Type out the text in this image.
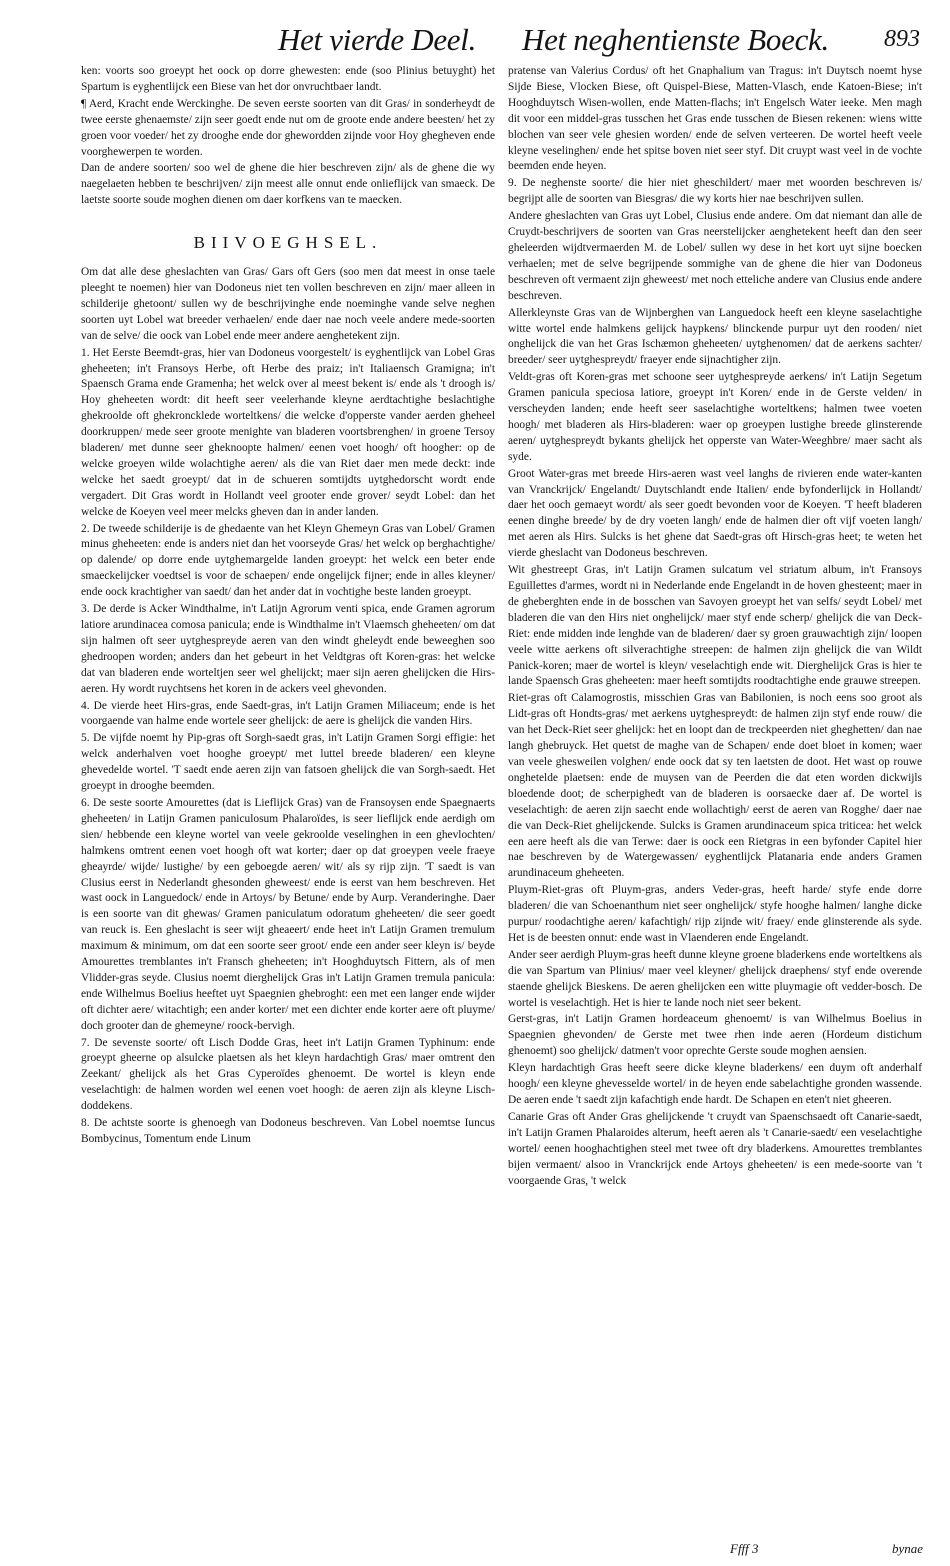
Het vierde Deel. Het neghentienste Boeck. 893

ken: voorts soo groeypt het oock op dorre ghewesten: ende (soo Plinius betuyght) het Spartum is eyghentlijck een Biese van het dor onvruchtbaer landt.

¶ Aerd, Kracht ende Werckinghe. De seven eerste soorten van dit Gras/ in sonderheydt de twee eerste ghenaemste/ zijn seer goedt ende nut om de groote ende andere beesten/ het zy groen voor voeder/ het zy drooghe ende dor ghewordden zijnde voor Hoy ghegheven ende voorghewerpen te worden.

Dan de andere soorten/ soo wel de ghene die hier beschreven zijn/ als de ghene die wy naegelaeten hebben te beschrijven/ zijn meest alle onnut ende onlieflijck van smaeck. De laetste soorte soude moghen dienen om daer korfkens van te maecken.

BIIVOEGHSEL.

Om dat alle dese gheslachten van Gras/ Gars oft Gers (soo men dat meest in onse taele pleeght te noemen) hier van Dodoneus niet ten vollen beschreven en zijn/ maer alleen in schilderije ghetoont/ sullen wy de beschrijvinghe ende noeminghe vande selve neghen soorten uyt Lobel wat breeder verhaelen/ ende daer nae noch veele andere mede-soorten van de selve/ die oock van Lobel ende meer andere aenghetekent zijn.

1. Het Eerste Beemdt-gras, hier van Dodoneus voorgestelt/ is eyghentlijck van Lobel Gras gheheeten; in't Fransoys Herbe, oft Herbe des praiz; in't Italiaensch Gramigna; in't Spaensch Grama ende Gramenha; het welck over al meest bekent is/ ende als 't droogh is/ Hoy gheheeten wordt: dit heeft seer veelerhande kleyne aerdtachtighe beslachtighe ghekroolde oft ghekroncklede worteltkens/ die welcke d'opperste vander aerden gheheel doorkruppen/ mede seer groote menighte van bladeren voortsbrenghen/ in groene Tersoy bladeren/ met dunne seer gheknoopte halmen/ eenen voet hoogh/ oft hoogher: op de welcke groeyen wilde wolachtighe aeren/ als die van Riet daer men mede deckt: inde welcke het saedt groeypt/ dat in de schueren somtijdts uytghedorscht wordt ende vergadert. Dit Gras wordt in Hollandt veel grooter ende grover/ seydt Lobel: dan het welcke de Koeyen veel meer melcks gheven dan in ander landen.

2. De tweede schilderije is de ghedaente van het Kleyn Ghemeyn Gras van Lobel/ Gramen minus gheheeten: ende is anders niet dan het voorseyde Gras/ het welck op berghachtighe/ op dalende/ op dorre ende uytghemargelde landen groeypt: het welck een beter ende smaeckelijcker voedtsel is voor de schaepen/ ende ongelijck fijner; ende in alles kleyner/ ende oock krachtigher van saedt/ dan het ander dat in vochtighe beste landen groeypt.

3. De derde is Acker Windthalme, in't Latijn Agrorum venti spica, ende Gramen agrorum latiore arundinacea comosa panicula; ende is Windthalme in't Vlaemsch gheheeten/ om dat sijn halmen oft seer uytghespreyde aeren van den windt gheleydt ende beweeghen soo ghedroopen worden; anders dan het gebeurt in het Veldtgras oft Koren-gras: het welcke dat van bladeren ende worteltjen seer wel ghelijckt; maer sijn aeren ghelijcken die Hirs-aeren. Hy wordt ruychtsens het koren in de ackers veel ghevonden.

4. De vierde heet Hirs-gras, ende Saedt-gras, in't Latijn Gramen Miliaceum; ende is het voorgaende van halme ende wortele seer ghelijck: de aere is ghelijck die vanden Hirs.

5. De vijfde noemt hy Pip-gras oft Sorgh-saedt gras, in't Latijn Gramen Sorgi effigie: het welck anderhalven voet hooghe groeypt/ met luttel breede bladeren/ een kleyne ghevedelde wortel. 'T saedt ende aeren zijn van fatsoen ghelijck die van Sorgh-saedt. Het groeypt in drooghe beemden.

6. De seste soorte Amourettes (dat is Lieflijck Gras) van de Fransoysen ende Spaegnaerts gheheeten/ in Latijn Gramen paniculosum Phalaroïdes, is seer lieflijck ende aerdigh om sien/ hebbende een kleyne wortel van veele gekroolde veselinghen in een ghevlochten/ halmkens omtrent eenen voet hoogh oft wat korter; daer op dat groeypen veele fraeye gheayrde/ wijde/ lustighe/ by een geboegde aeren/ wit/ als sy rijp zijn. 'T saedt is van Clusius eerst in Nederlandt ghesonden gheweest/ ende is eerst van hem beschreven. Het wast oock in Languedock/ ende in Artoys/ by Betune/ ende by Aurp. Veranderinghe. Daer is een soorte van dit ghewas/ Gramen paniculatum odoratum gheheeten/ die seer goedt van reuck is. Een gheslacht is seer wijt gheaeert/ ende heet in't Latijn Gramen tremulum maximum & minimum, om dat een soorte seer groot/ ende een ander seer kleyn is/ beyde Amourettes tremblantes in't Fransch gheheeten; in't Hooghduytsch Fittern, als of men Vlidder-gras seyde. Clusius noemt dierghelijck Gras in't Latijn Gramen tremula panicula: ende Wilhelmus Boelius heeftet uyt Spaegnien ghebroght: een met een langer ende wijder oft dichter aere/ witachtigh; een ander korter/ met een dichter ende korter aere oft pluyme/ doch grooter dan de ghemeyne/ roock-bervigh.

7. De sevenste soorte/ oft Lisch Dodde Gras, heet in't Latijn Gramen Typhinum: ende groeypt gheerne op alsulcke plaetsen als het kleyn hardachtigh Gras/ maer omtrent den Zeekant/ ghelijck als het Gras Cyperoïdes ghenoemt. De wortel is kleyn ende veselachtigh: de halmen worden wel eenen voet hoogh: de aeren zijn als kleyne Lisch-doddekens.

8. De achtste soorte is ghenoegh van Dodoneus beschreven. Van Lobel noemtse Iuncus Bombycinus, Tomentum ende Linum

pratense van Valerius Cordus/ oft het Gnaphalium van Tragus: in't Duytsch noemt hyse Sijde Biese, Vlocken Biese, oft Quispel-Biese, Matten-Vlasch, ende Katoen-Biese; in't Hooghduytsch Wisen-wollen, ende Matten-flachs; in't Engelsch Water ieeke. Men magh dit voor een middel-gras tusschen het Gras ende tusschen de Biesen rekenen: wiens witte blochen van seer vele ghesien worden/ ende de selven verteeren. De wortel heeft veele kleyne veselinghen/ ende het spitse boven niet seer styf. Dit cruypt wast veel in de vochte beemden ende heyen.

9. De neghenste soorte/ die hier niet gheschildert/ maer met woorden beschreven is/ begrijpt alle de soorten van Biesgras/ die wy korts hier nae beschrijven sullen.

Andere gheslachten van Gras uyt Lobel, Clusius ende andere. Om dat niemant dan alle de Cruydt-beschrijvers de soorten van Gras neerstelijcker aenghetekent heeft dan den seer gheleerden wijdtvermaerden M. de Lobel/ sullen wy dese in het kort uyt sijne boecken verhaelen; met de selve begrijpende sommighe van de ghene die hier van Dodoneus beschreven oft vermaent zijn gheweest/ met noch etteliche andere van Clusius ende andere beschreven.

Allerkleynste Gras van de Wijnberghen van Languedock heeft een kleyne saselachtighe witte wortel ende halmkens gelijck haypkens/ blinckende purpur uyt den rooden/ niet onghelijck die van het Gras Ischæmon gheheeten/ uytghenomen/ dat de aerkens sachter/ breeder/ seer uytghespreydt/ fraeyer ende sijnachtigher zijn.

Veldt-gras oft Koren-gras met schoone seer uytghespreyde aerkens/ in't Latijn Segetum Gramen panicula speciosa latiore, groeypt in't Koren/ ende in de Gerste velden/ in verscheyden landen; ende heeft seer saselachtighe worteltkens; halmen twee voeten hoogh/ met bladeren als Hirs-bladeren: waer op groeypen lustighe breede glinsterende aeren/ uytghespreydt bykants ghelijck het opperste van Water-Weeghbre/ maer sacht als syde.

Groot Water-gras met breede Hirs-aeren wast veel langhs de rivieren ende water-kanten van Vranckrijck/ Engelandt/ Duytschlandt ende Italien/ ende byfonderlijck in Hollandt/ daer het ooch gemaeyt wordt/ als seer goedt bevonden voor de Koeyen. 'T heeft bladeren eenen dinghe breede/ by de dry voeten langh/ ende de halmen dier oft vijf voeten langh/ met aeren als Hirs. Sulcks is het ghene dat Saedt-gras oft Hirsch-gras heet; te weten het vierde gheslacht van Dodoneus beschreven.

Wit ghestreept Gras, in't Latijn Gramen sulcatum vel striatum album, in't Fransoys Eguillettes d'armes, wordt ni in Nederlande ende Engelandt in de hoven ghesteent; maer in de gheberghten ende in de bosschen van Savoyen groeypt het van selfs/ seydt Lobel/ met bladeren die van den Hirs niet onghelijck/ maer styf ende scherp/ ghelijck die van Deck-Riet: ende midden inde lenghde van de bladeren/ daer sy groen grauwachtigh zijn/ loopen veele witte aerkens oft silverachtighe streepen: de halmen zijn ghelijck die van Wildt Panick-koren; maer de wortel is kleyn/ veselachtigh ende wit. Dierghelijck Gras is hier te lande Spaensch Gras gheheeten: maer heeft somtijdts roodtachtighe ende grauwe streepen.

Riet-gras oft Calamogrostis, misschien Gras van Babilonien, is noch eens soo groot als Lidt-gras oft Hondts-gras/ met aerkens uytghespreydt: de halmen zijn styf ende rouw/ die van het Deck-Riet seer ghelijck: het en loopt dan de treckpeerden niet gheghetten/ dan nae langh ghebruyck. Het quetst de maghe van de Schapen/ ende doet bloet in komen; waer van veele ghesweilen volghen/ ende oock dat sy ten laetsten de doot. Het wast op rouwe onghetelde plaetsen: ende de muysen van de Peerden die dat eten worden dickwijls bloedende doot; de scherpighedt van de bladeren is oorsaecke daer af. De wortel is veselachtigh: de aeren zijn saecht ende wollachtigh/ eerst de aeren van Rogghe/ daer nae die van Deck-Riet ghelijckende. Sulcks is Gramen arundinaceum spica triticea: het welck een aere heeft als die van Terwe: daer is oock een Rietgras in een byfonder Capitel hier nae beschreven by de Watergewassen/ eyghentlijck Platanaria ende anders Gramen arundinaceum gheheeten.

Pluym-Riet-gras oft Pluym-gras, anders Veder-gras, heeft harde/ styfe ende dorre bladeren/ die van Schoenanthum niet seer onghelijck/ styfe hooghe halmen/ langhe dicke purpur/ roodachtighe aeren/ kafachtigh/ rijp zijnde wit/ fraey/ ende glinsterende als syde. Het is de beesten onnut: ende wast in Vlaenderen ende Engelandt.

Ander seer aerdigh Pluym-gras heeft dunne kleyne groene bladerkens ende worteltkens als die van Spartum van Plinius/ maer veel kleyner/ ghelijck draephens/ styf ende overende staende ghelijck Bieskens. De aeren ghelijcken een witte pluymagie oft vedder-bosch. De wortel is veselachtigh. Het is hier te lande noch niet seer bekent.

Gerst-gras, in't Latijn Gramen hordeaceum ghenoemt/ is van Wilhelmus Boelius in Spaegnien ghevonden/ de Gerste met twee rhen inde aeren (Hordeum distichum ghenoemt) soo ghelijck/ datmen't voor oprechte Gerste soude moghen aensien.

Kleyn hardachtigh Gras heeft seere dicke kleyne bladerkens/ een duym oft anderhalf hoogh/ een kleyne ghevesselde wortel/ in de heyen ende sabelachtighe gronden wassende. De aeren ende 't saedt zijn kafachtigh ende hardt. De Schapen en eten't niet gheeren.

Canarie Gras oft Ander Gras ghelijckende 't cruydt van Spaenschsaedt oft Canarie-saedt, in't Latijn Gramen Phalaroides alterum, heeft aeren als 't Canarie-saedt/ een veselachtighe wortel/ eenen hooghachtighen steel met twee oft dry bladerkens. Amourettes tremblantes bijen vermaent/ alsoo in Vranckrijck ende Artoys gheheeten/ is een mede-soorte van 't voorgaende Gras, 't welck

Ffff 3	bynae
